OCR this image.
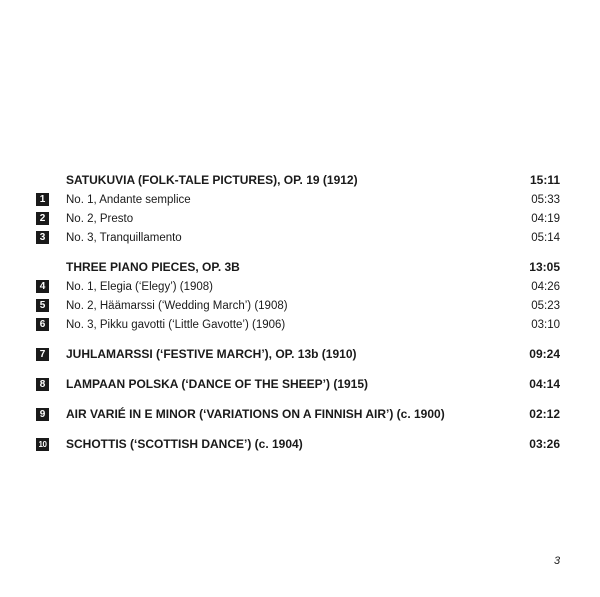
SATUKUVIA (FOLK-TALE PICTURES), OP. 19 (1912)	15:11
1	No. 1, Andante semplice	05:33
2	No. 2, Presto	04:19
3	No. 3, Tranquillamento	05:14
THREE PIANO PIECES, OP. 3B	13:05
4	No. 1, Elegia (‘Elegy’) (1908)	04:26
5	No. 2, Häämarssi (‘Wedding March’) (1908)	05:23
6	No. 3, Pikku gavotti (‘Little Gavotte’) (1906)	03:10
7	JUHLAMARSSI (‘FESTIVE MARCH’), OP. 13b (1910)	09:24
8	LAMPAAN POLSKA (‘DANCE OF THE SHEEP’) (1915)	04:14
9	AIR VARIÉ IN E MINOR (‘VARIATIONS ON A FINNISH AIR’) (c. 1900)	02:12
10 SCHOTTIS (‘SCOTTISH DANCE’) (c. 1904)	03:26
3
